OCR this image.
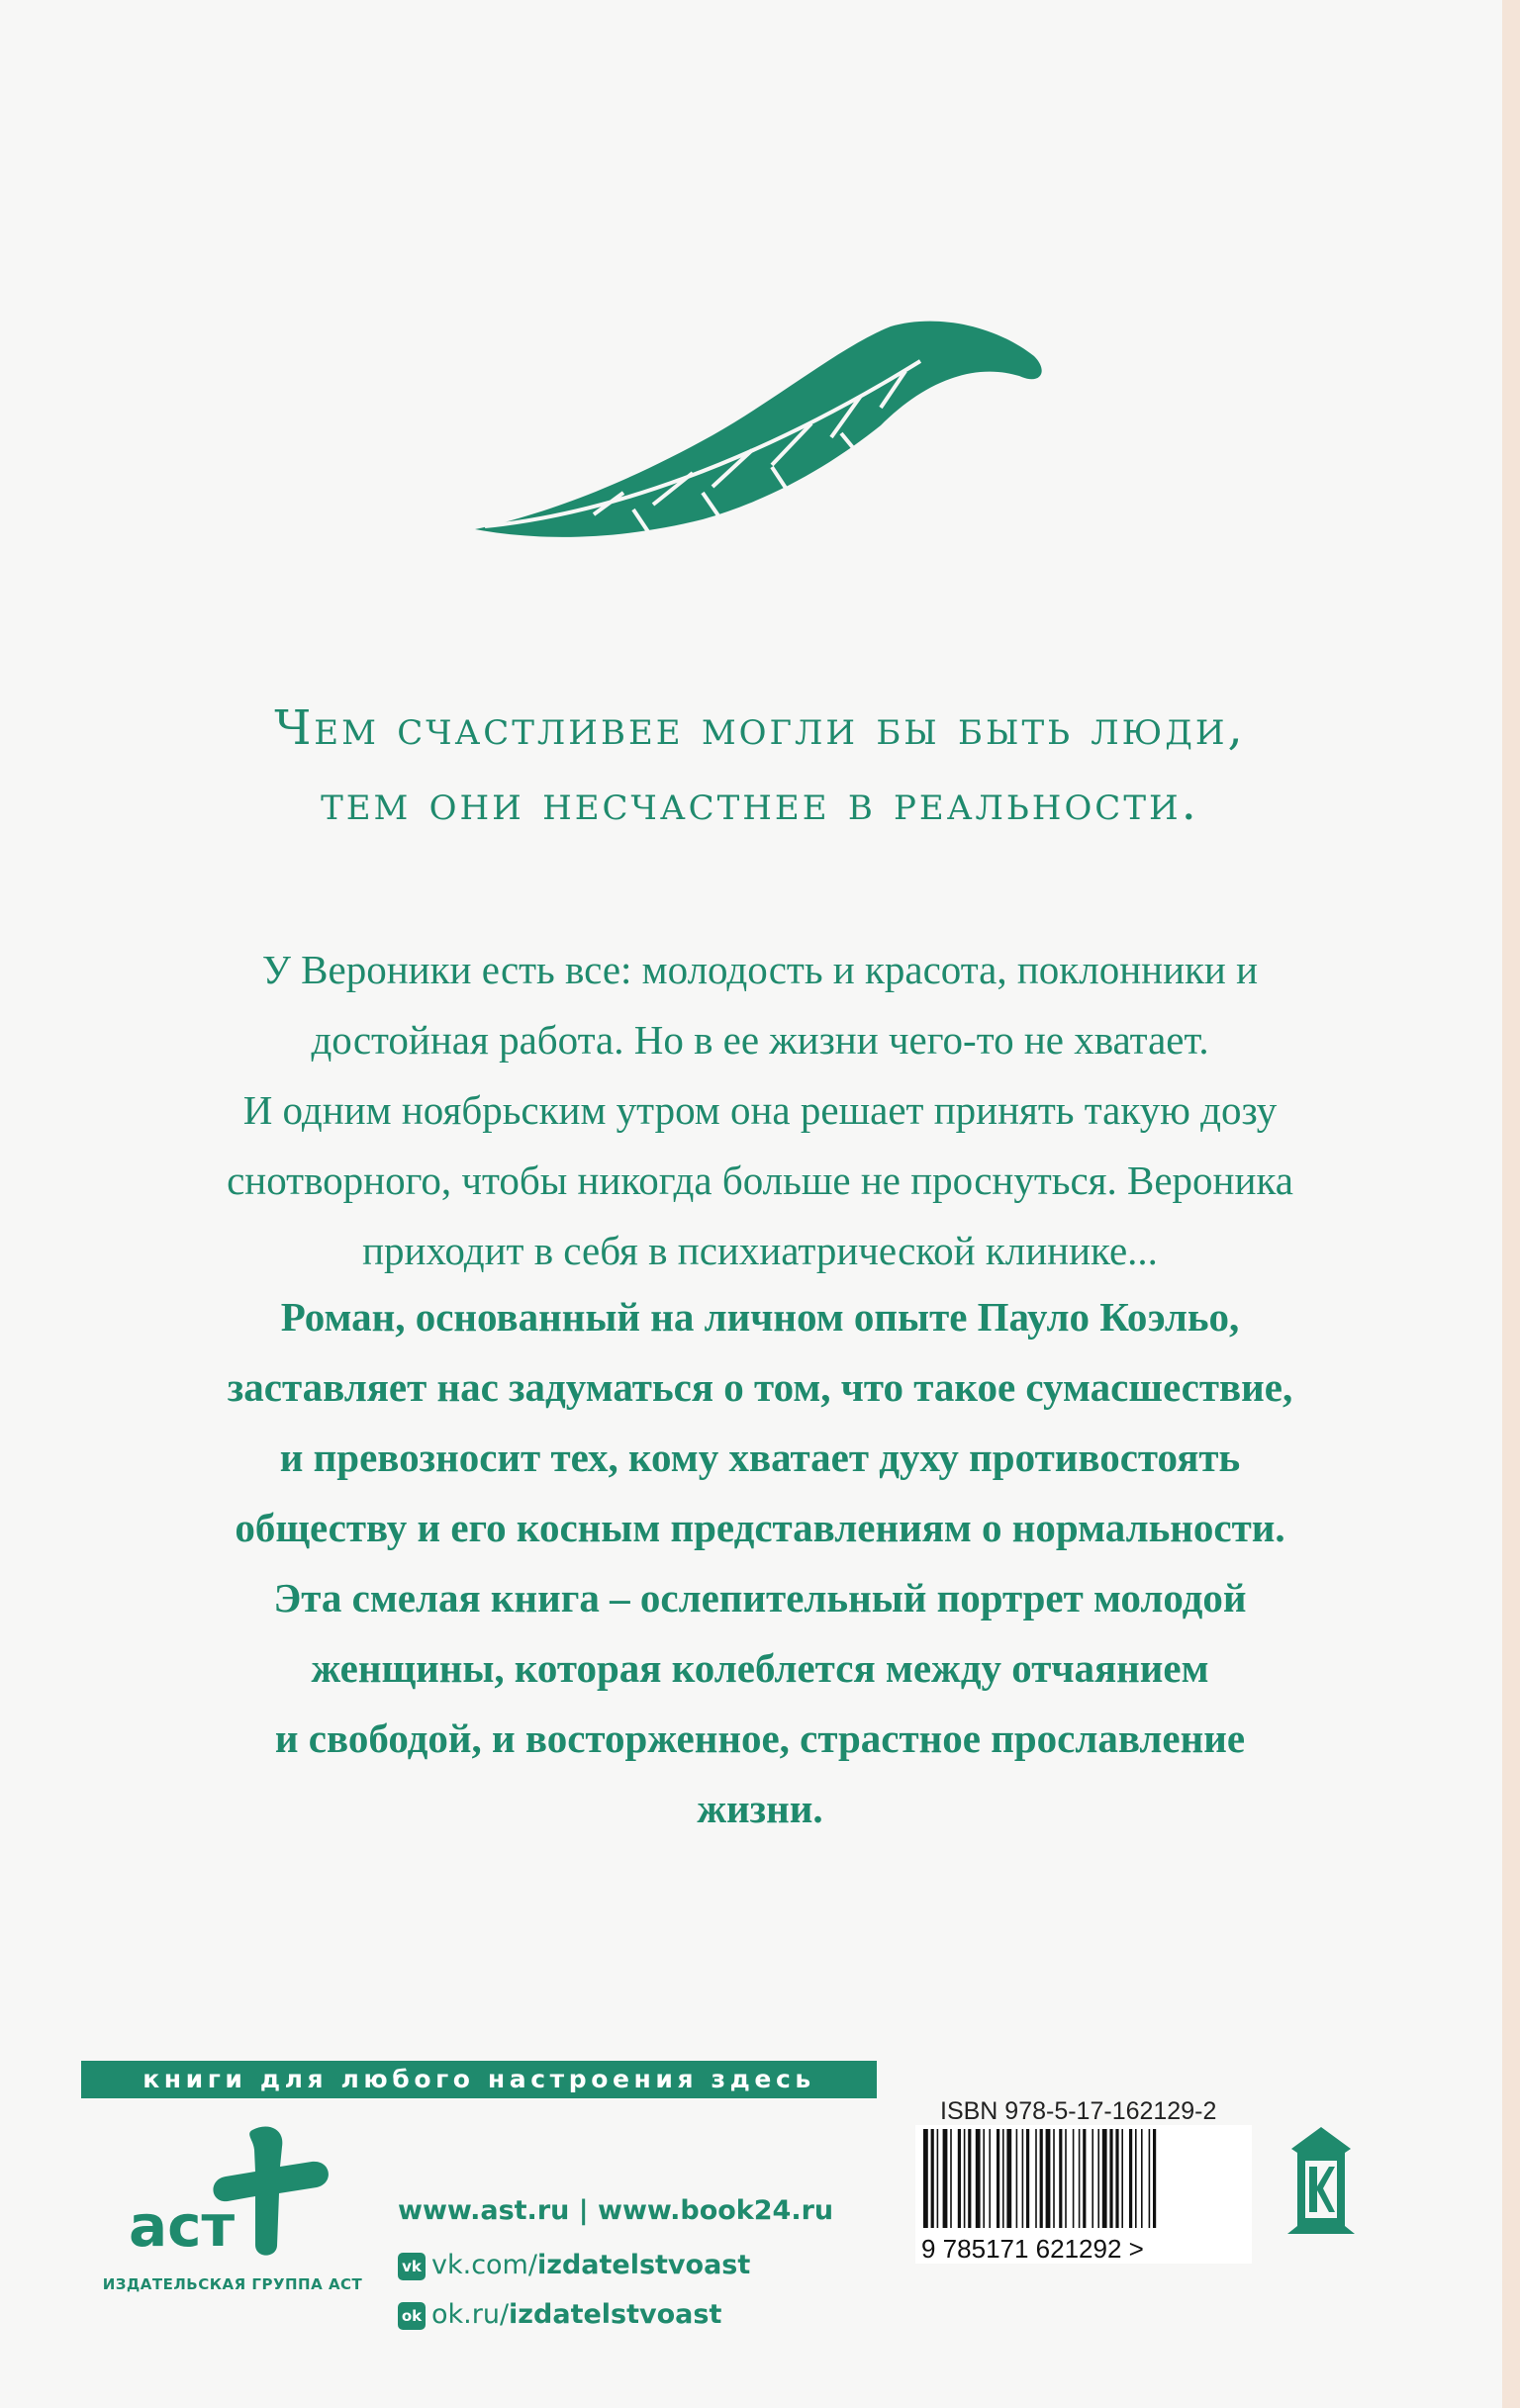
Чем счастливее могли бы быть люди,
тем они несчастнее в реальности.

У Вероники есть все: молодость и красота, поклонники и
достойная работа. Но в ее жизни чего-то не хватает.
И одним ноябрьским утром она решает принять такую дозу
снотворного, чтобы никогда больше не проснуться. Вероника
приходит в себя в психиатрической клинике...

Роман, основанный на личном опыте Пауло Коэльо,
заставляет нас задуматься о том, что такое сумасшествие,
и превозносит тех, кому хватает духу противостоять
обществу и его косным представлениям о нормальности.
Эта смелая книга – ослепительный портрет молодой
женщины, которая колеблется между отчаянием
и свободой, и восторженное, страстное прославление
жизни.

книги для любого настроения здесь
аст
ИЗДАТЕЛЬСКАЯ ГРУППА АСТ
www.ast.ru | www.book24.ru
vk vk.com/izdatelstvoast
ok ok.ru/izdatelstvoast
ISBN 978-5-17-162129-2
9 785171 621292 >
